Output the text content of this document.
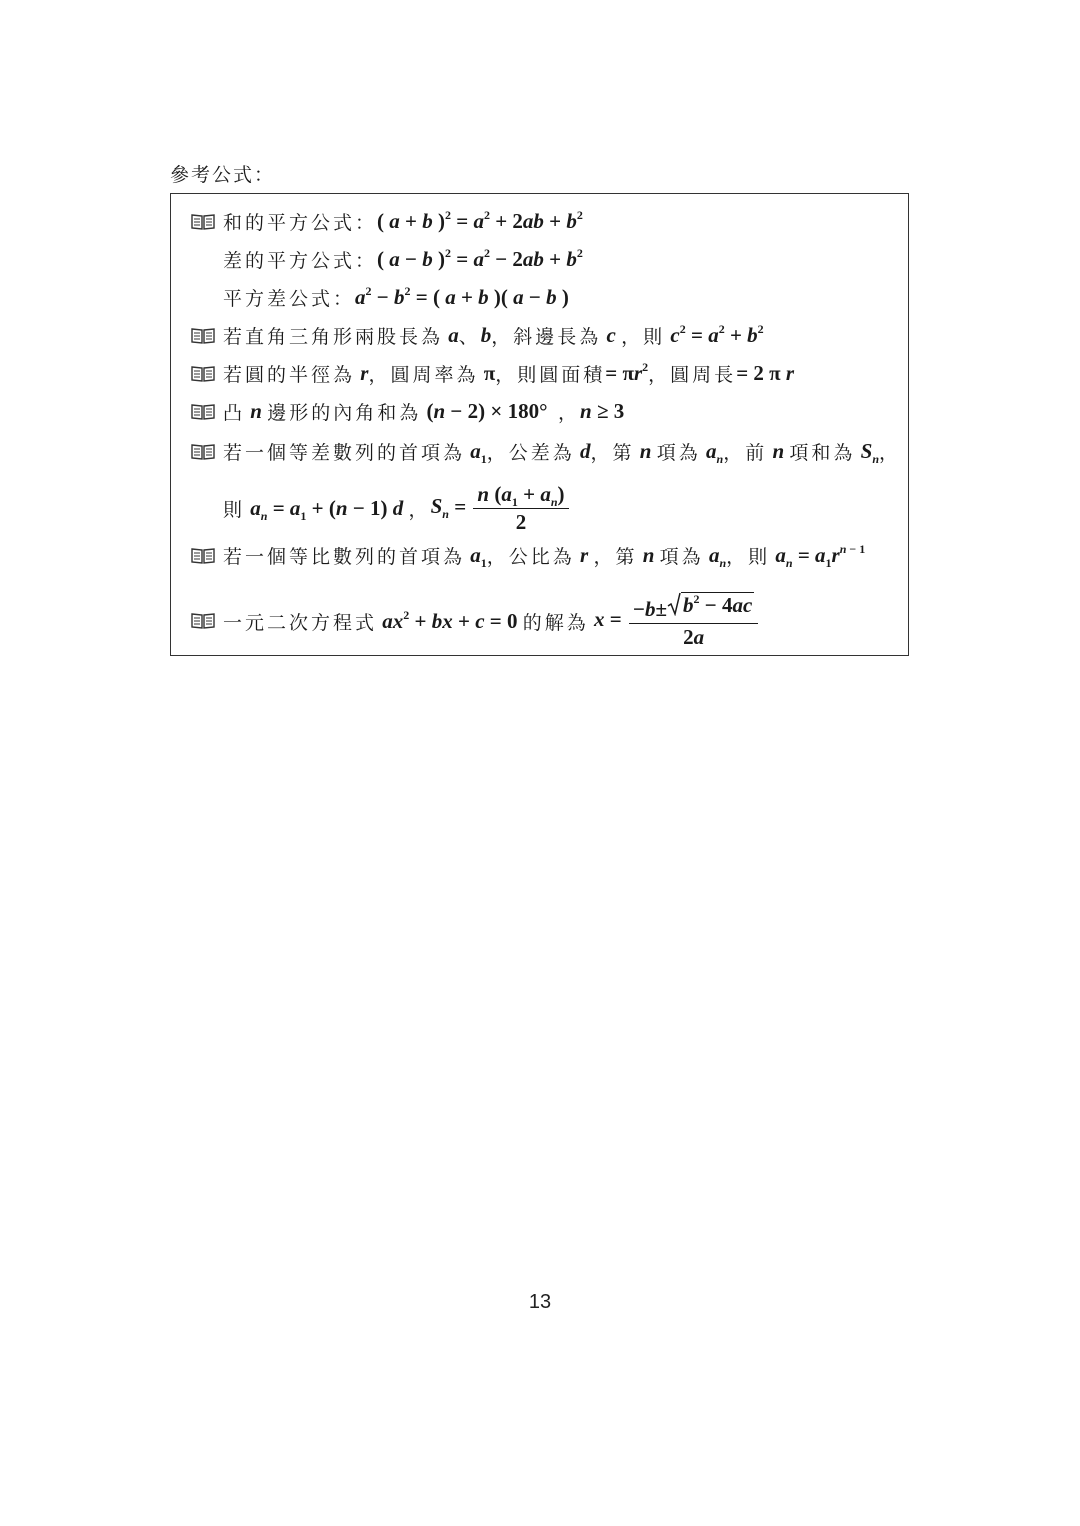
參考公式：
和的平方公式： ( a + b )$^2 = a^2 + 2ab + b^2$
差的平方公式： ( a − b )$^2 = a^2 - 2ab + b^2$
平方差公式： $a^2 - b^2$ = ( a + b )( a − b )
若直角三角形兩股長為 a 、 b ，斜邊長為 c ，則 $c^2 = a^2 + b^2$
若圓的半徑為 r ，圓周率為 π ，則圓面積 = $\pi r^2$ ，圓周長 = 2 π r
凸 n 邊形的內角和為 (n − 2) × 180° ， n ≥ 3
若一個等差數列的首項為 $a_1$ ，公差為 d ，第 n 項為 $a_n$ ，前 n 項和為 $S_n$ ，
則 $a_n = a_1 + (n - 1)$ d ， $S_n = \frac{n (a_1 + a_n)}{2}$
若一個等比數列的首項為 $a_1$ ，公比為 r ，第 n 項為 $a_n$ ，則 $a_n = a_1r^{n - 1}$
一元二次方程式 $ax^2$ + bx + c = 0 的解為 $x = \frac{-b\pm b^2 - 4ac}{2a}$
13
